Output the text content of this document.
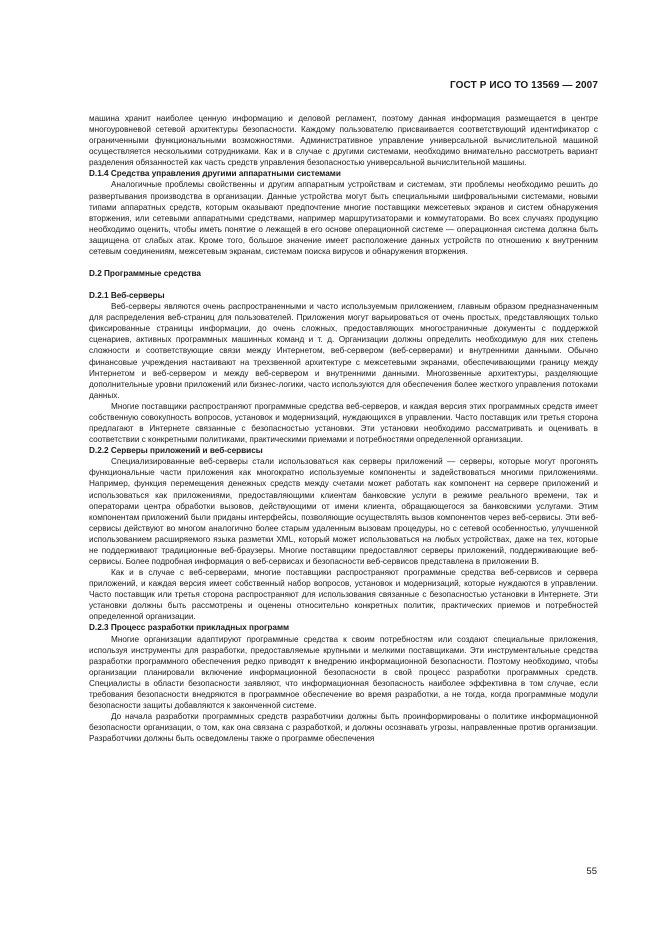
ГОСТ Р ИСО ТО 13569 — 2007

машина хранит наиболее ценную информацию и деловой регламент, поэтому данная информация размещается в центре многоуровневой сетевой архитектуры безопасности. Каждому пользователю присваивается соответствующий идентификатор с ограниченными функциональными возможностями. Административное управление универсальной вычислительной машиной осуществляется несколькими сотрудниками. Как и в случае с другими системами, необходимо внимательно рассмотреть вариант разделения обязанностей как часть средств управления безопасностью универсальной вычислительной машины.

D.1.4 Средства управления другими аппаратными системами

Аналогичные проблемы свойственны и другим аппаратным устройствам и системам, эти проблемы необходимо решить до развертывания производства в организации. Данные устройства могут быть специальными шифровальными системами, новыми типами аппаратных средств, которым оказывают предпочтение многие поставщики межсетевых экранов и систем обнаружения вторжения, или сетевыми аппаратными средствами, например маршрутизаторами и коммутаторами. Во всех случаях продукцию необходимо оценить, чтобы иметь понятие о лежащей в его основе операционной системе — операционная система должна быть защищена от слабых атак. Кроме того, большое значение имеет расположение данных устройств по отношению к внутренним сетевым соединениям, межсетевым экранам, системам поиска вирусов и обнаружения вторжения.

D.2 Программные средства
D.2.1 Веб-серверы

Веб-серверы являются очень распространенными и часто используемым приложением, главным образом предназначенным для распределения веб-страниц для пользователей. Приложения могут варьироваться от очень простых, представляющих только фиксированные страницы информации, до очень сложных, предоставляющих многостраничные документы с поддержкой сценариев, активных программных машинных команд и т. д. Организации должны определить необходимую для них степень сложности и соответствующие связи между Интернетом, веб-сервером (веб-серверами) и внутренними данными. Обычно финансовые учреждения настаивают на трехзвенной архитектуре с межсетевыми экранами, обеспечивающими границу между Интернетом и веб-сервером и между веб-сервером и внутренними данными. Многозвенные архитектуры, разделяющие дополнительные уровни приложений или бизнес-логики, часто используются для обеспечения более жесткого управления потоками данных.

Многие поставщики распространяют программные средства веб-серверов, и каждая версия этих программных средств имеет собственную совокупность вопросов, установок и модернизаций, нуждающихся в управлении. Часто поставщик или третья сторона предлагают в Интернете связанные с безопасностью установки. Эти установки необходимо рассматривать и оценивать в соответствии с конкретными политиками, практическими приемами и потребностями определенной организации.

D.2.2 Серверы приложений и веб-сервисы

Специализированные веб-серверы стали использоваться как серверы приложений — серверы, которые могут прогонять функциональные части приложения как многократно используемые компоненты и задействоваться многими приложениями. Например, функция перемещения денежных средств между счетами может работать как компонент на сервере приложений и использоваться как приложениями, предоставляющими клиентам банковские услуги в режиме реального времени, так и операторами центра обработки вызовов, действующими от имени клиента, обращающегося за банковскими услугами. Этим компонентам приложений были приданы интерфейсы, позволяющие осуществлять вызов компонентов через веб-сервисы. Эти веб-сервисы действуют во многом аналогично более старым удаленным вызовам процедуры, но с сетевой особенностью, улучшенной использованием расширяемого языка разметки XML, который может использоваться на любых устройствах, даже на тех, которые не поддерживают традиционные веб-браузеры. Многие поставщики предоставляют серверы приложений, поддерживающие веб-сервисы. Более подробная информация о веб-сервисах и безопасности веб-сервисов представлена в приложении В.

Как и в случае с веб-серверами, многие поставщики распространяют программные средства веб-сервисов и сервера приложений, и каждая версия имеет собственный набор вопросов, установок и модернизаций, которые нуждаются в управлении. Часто поставщик или третья сторона распространяют для использования связанные с безопасностью установки в Интернете. Эти установки должны быть рассмотрены и оценены относительно конкретных политик, практических приемов и потребностей определенной организации.

D.2.3 Процесс разработки прикладных программ

Многие организации адаптируют программные средства к своим потребностям или создают специальные приложения, используя инструменты для разработки, предоставляемые крупными и мелкими поставщиками. Эти инструментальные средства разработки программного обеспечения редко приводят к внедрению информационной безопасности. Поэтому необходимо, чтобы организации планировали включение информационной безопасности в свой процесс разработки программных средств. Специалисты в области безопасности заявляют, что информационная безопасность наиболее эффективна в том случае, если требования безопасности внедряются в программное обеспечение во время разработки, а не тогда, когда программные модули безопасности защиты добавляются к законченной системе.

До начала разработки программных средств разработчики должны быть проинформированы о политике информационной безопасности организации, о том, как она связана с разработкой, и должны осознавать угрозы, направленные против организации. Разработчики должны быть осведомлены также о программе обеспечения

55
